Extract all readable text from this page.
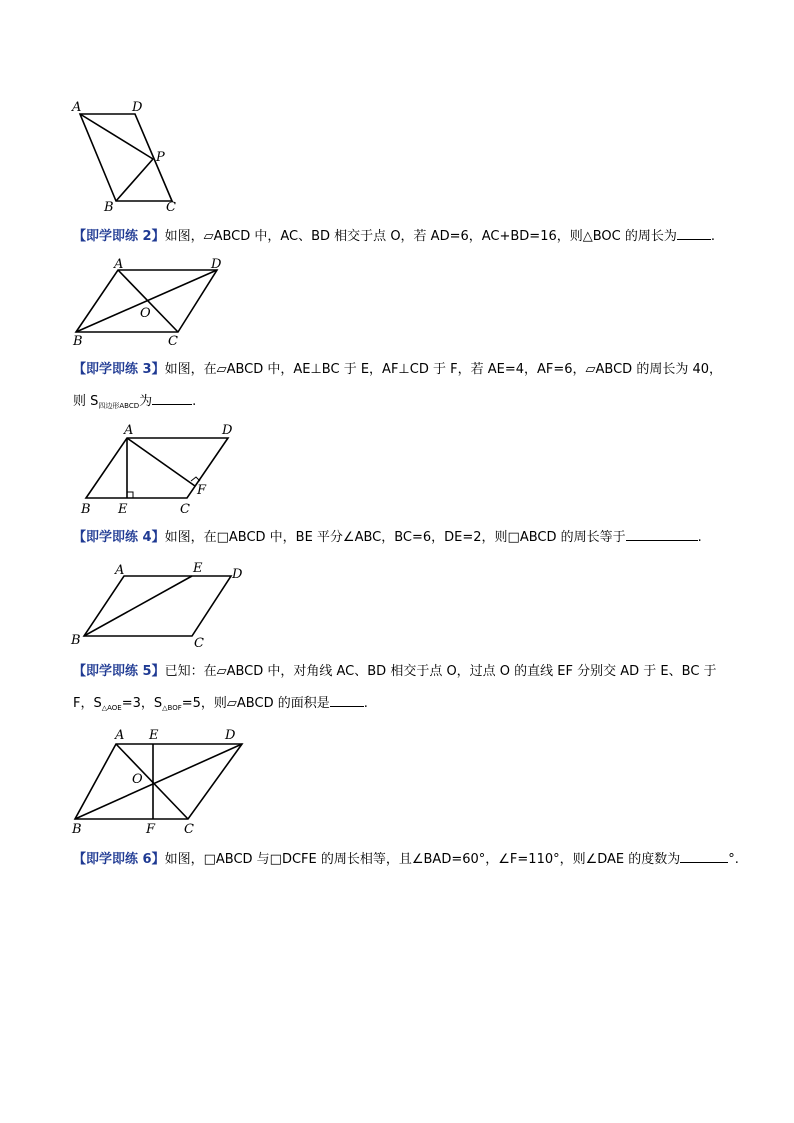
A	D
P
B	C
【即学即练 2】如图，▱ABCD 中，AC、BD 相交于点 O，若 AD=6，AC+BD=16，则△BOC 的周长为	.
A	D
O
B	C
【即学即练 3】如图，在▱ABCD 中，AE⊥BC 于 E，AF⊥CD 于 F，若 AE=4，AF=6，▱ABCD 的周长为 40，
则 $S_{四边形ABCD}$为	.
A	D
F
B E	C
【即学即练 4】如图，在□ABCD 中，BE 平分∠ABC，BC=6，DE=2，则□ABCD 的周长等于	.
A	E D
B	C
【即学即练 5】已知：在▱ABCD 中，对角线 AC、BD 相交于点 O，过点 O 的直线 EF 分别交 AD 于 E、BC 于
F，$S_{\triangle AOE}=3$，$S_{\triangle BOF}=5$，则▱ABCD 的面积是	.
A E	D
O
B	F C
【即学即练 6】如图，□ABCD 与□DCFE 的周长相等，且∠BAD=60°，∠F=110°，则∠DAE 的度数为	°.
